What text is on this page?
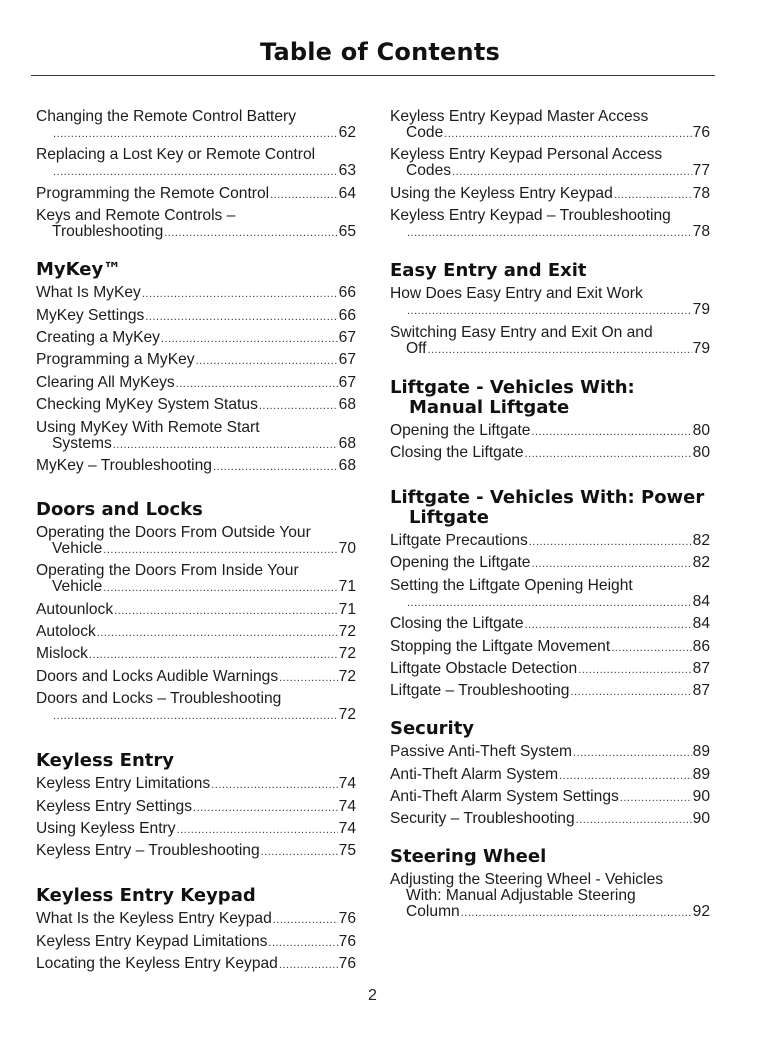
Table of Contents
Changing the Remote Control Battery
.....
62
Replacing a Lost Key or Remote Control
.....
63
Programming the Remote Control .....	64
Keys and Remote Controls –
Troubleshooting .....	65
MyKey™
What Is MyKey .....	66
MyKey Settings .....	66
Creating a MyKey .....	67
Programming a MyKey .....	67
Clearing All MyKeys .....	67
Checking MyKey System Status .....	68
Using MyKey With Remote Start
Systems .....	68
MyKey – Troubleshooting .....	68
Doors and Locks
Operating the Doors From Outside Your
Vehicle .....	70
Operating the Doors From Inside Your
Vehicle .....	71
Autounlock .....	71
Autolock .....	72
Mislock .....	72
Doors and Locks Audible Warnings .....	72
Doors and Locks – Troubleshooting
.....
72
Keyless Entry
Keyless Entry Limitations .....	74
Keyless Entry Settings .....	74
Using Keyless Entry .....	74
Keyless Entry – Troubleshooting .....	75
Keyless Entry Keypad
What Is the Keyless Entry Keypad .....	76
Keyless Entry Keypad Limitations .....	76
Locating the Keyless Entry Keypad .....	76
Keyless Entry Keypad Master Access
Code .....	76
Keyless Entry Keypad Personal Access
Codes .....	77
Using the Keyless Entry Keypad .....	78
Keyless Entry Keypad – Troubleshooting
.....
78
Easy Entry and Exit
How Does Easy Entry and Exit Work
.....
79
Switching Easy Entry and Exit On and
Off .....	79
Liftgate - Vehicles With:
Manual Liftgate
Opening the Liftgate .....	80
Closing the Liftgate .....	80
Liftgate - Vehicles With: Power
Liftgate
Liftgate Precautions .....	82
Opening the Liftgate .....	82
Setting the Liftgate Opening Height
.....
84
Closing the Liftgate .....	84
Stopping the Liftgate Movement .....	86
Liftgate Obstacle Detection .....	87
Liftgate – Troubleshooting .....	87
Security
Passive Anti-Theft System .....	89
Anti-Theft Alarm System .....	89
Anti-Theft Alarm System Settings .....	90
Security – Troubleshooting .....	90
Steering Wheel
Adjusting the Steering Wheel - Vehicles
With: Manual Adjustable Steering
Column .....	92
2
